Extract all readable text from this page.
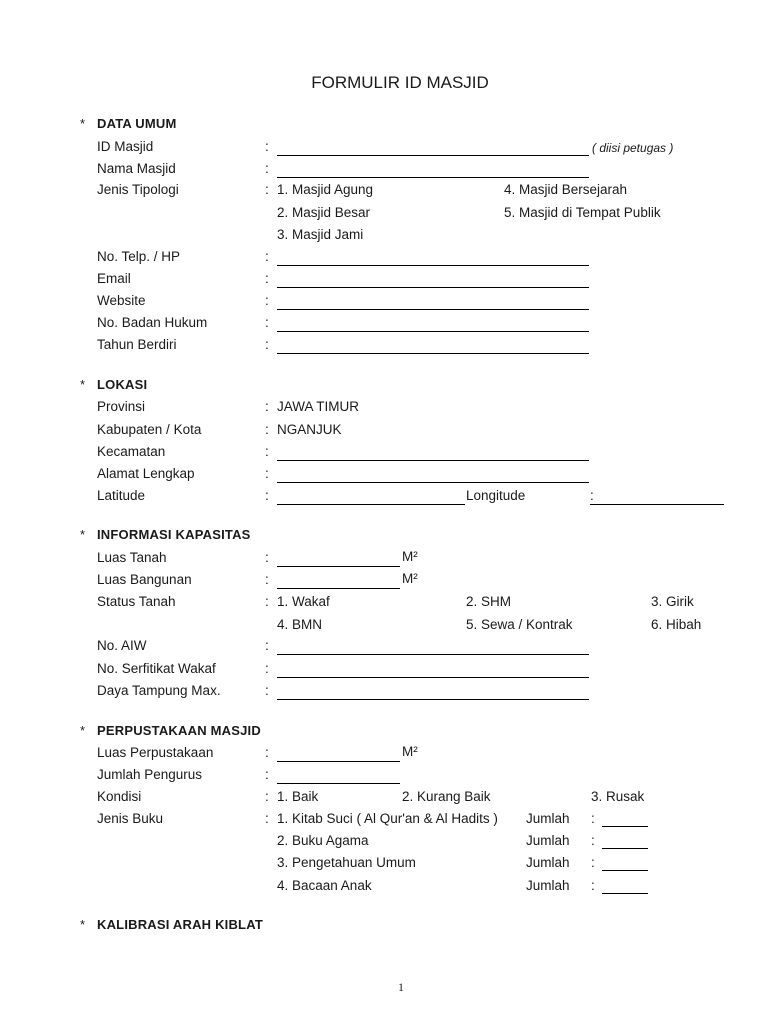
FORMULIR ID MASJID
* DATA UMUM
ID Masjid	:	( diisi petugas )
Nama Masjid	:
Jenis Tipologi	: 1. Masjid Agung	4. Masjid Bersejarah
2. Masjid Besar	5. Masjid di Tempat Publik
3. Masjid Jami
No. Telp. / HP	:
Email	:
Website	:
No. Badan Hukum	:
Tahun Berdiri	:
* LOKASI
Provinsi	: JAWA TIMUR
Kabupaten / Kota	: NGANJUK
Kecamatan	:
Alamat Lengkap	:
Latitude	:	Longitude	:
* INFORMASI KAPASITAS
Luas Tanah	:	M²
Luas Bangunan	:	M²
Status Tanah	: 1. Wakaf	2. SHM	3. Girik
4. BMN	5. Sewa / Kontrak	6. Hibah
No. AIW	:
No. Serfitikat Wakaf	:
Daya Tampung Max.	:
* PERPUSTAKAAN MASJID
Luas Perpustakaan	:	M²
Jumlah Pengurus	:
Kondisi	: 1. Baik	2. Kurang Baik	3. Rusak
Jenis Buku	: 1. Kitab Suci ( Al Qur'an & Al Hadits ) Jumlah :
2. Buku Agama	Jumlah :
3. Pengetahuan Umum	Jumlah :
4. Bacaan Anak	Jumlah :
* KALIBRASI ARAH KIBLAT
1
